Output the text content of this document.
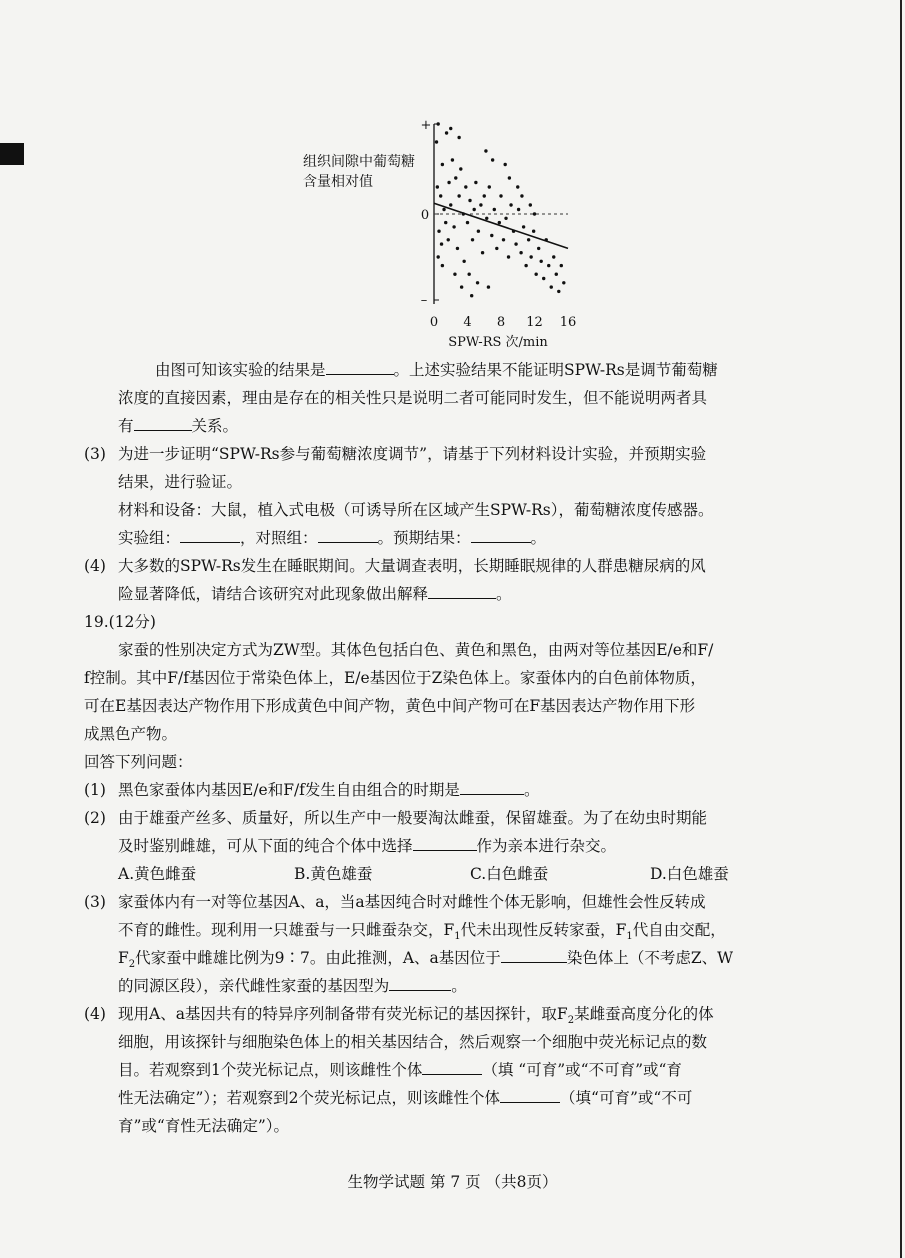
组织间隙中葡萄糖
含量相对值
+
0
–
0 4 8 12 16
SPW-RS 次/min
由图可知该实验的结果是	。上述实验结果不能证明SPW-Rs是调节葡萄糖
浓度的直接因素，理由是存在的相关性只是说明二者可能同时发生，但不能说明两者具
有	关系。
(3) 为进一步证明“SPW-Rs参与葡萄糖浓度调节”，请基于下列材料设计实验，并预期实验
结果，进行验证。
材料和设备：大鼠，植入式电极（可诱导所在区域产生SPW-Rs），葡萄糖浓度传感器。
实验组：	，对照组：	。预期结果：	。
(4) 大多数的SPW-Rs发生在睡眠期间。大量调查表明，长期睡眠规律的人群患糖尿病的风
险显著降低，请结合该研究对此现象做出解释	。
19.(12分)
家蚕的性别决定方式为ZW型。其体色包括白色、黄色和黑色，由两对等位基因E/e和F/
f控制。其中F/f基因位于常染色体上，E/e基因位于Z染色体上。家蚕体内的白色前体物质，
可在E基因表达产物作用下形成黄色中间产物，黄色中间产物可在F基因表达产物作用下形
成黑色产物。
回答下列问题：
(1) 黑色家蚕体内基因E/e和F/f发生自由组合的时期是	。
(2) 由于雄蚕产丝多、质量好，所以生产中一般要淘汰雌蚕，保留雄蚕。为了在幼虫时期能
及时鉴别雌雄，可从下面的纯合个体中选择	作为亲本进行杂交。
A.黄色雌蚕	B.黄色雄蚕	C.白色雌蚕	D.白色雄蚕
(3) 家蚕体内有一对等位基因A、a，当a基因纯合时对雌性个体无影响，但雄性会性反转成
不育的雌性。现利用一只雄蚕与一只雌蚕杂交，$F_1$代未出现性反转家蚕，$F_1$代自由交配，
$F_2$代家蚕中雌雄比例为9∶7。由此推测，A、a基因位于	染色体上（不考虑Z、W
的同源区段），亲代雌性家蚕的基因型为	。
(4) 现用A、a基因共有的特异序列制备带有荧光标记的基因探针，取$F_2$某雌蚕高度分化的体
细胞，用该探针与细胞染色体上的相关基因结合，然后观察一个细胞中荧光标记点的数
目。若观察到1个荧光标记点，则该雌性个体	（填 “可育”或“不可育”或“育
性无法确定”）；若观察到2个荧光标记点，则该雌性个体	（填“可育”或“不可
育”或“育性无法确定”）。
生物学试题 第 7 页 （共8页）
